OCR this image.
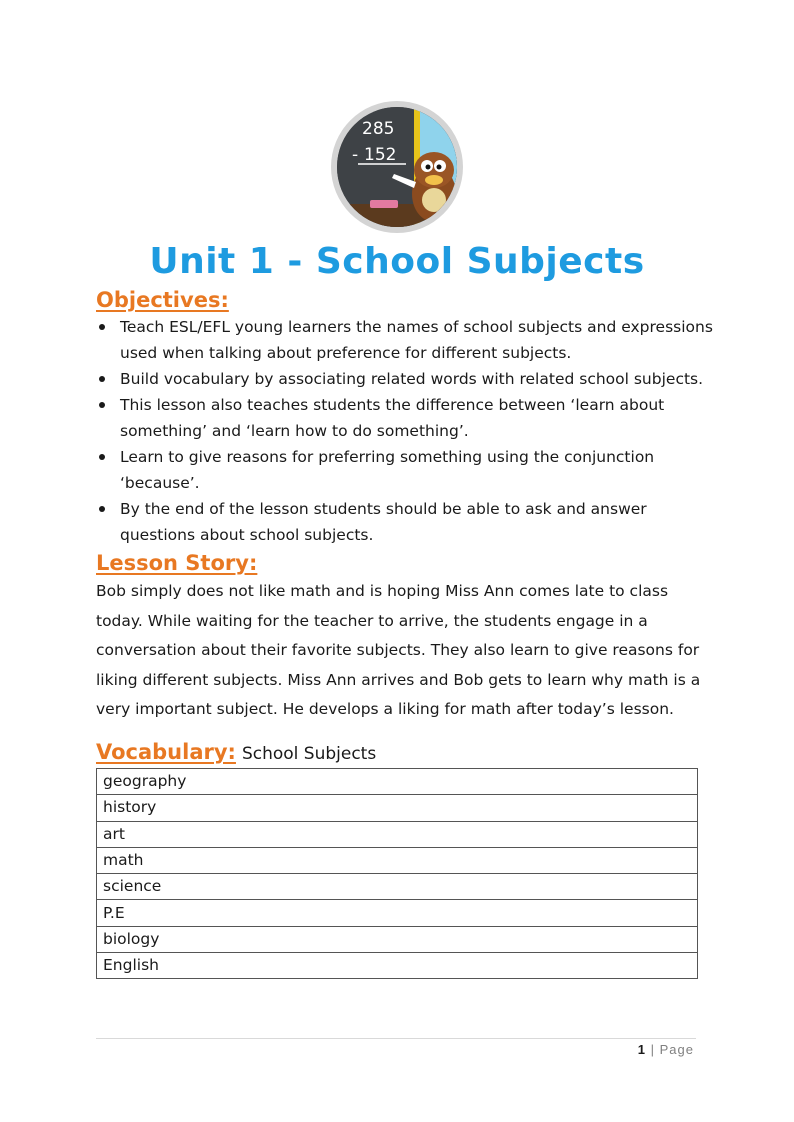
285
- 152
Unit 1 - School Subjects
Objectives:
Teach ESL/EFL young learners the names of school subjects and expressions used when talking about preference for different subjects.
Build vocabulary by associating related words with related school subjects.
This lesson also teaches students the difference between ‘learn about something’ and ‘learn how to do something’.
Learn to give reasons for preferring something using the conjunction ‘because’.
By the end of the lesson students should be able to ask and answer questions about school subjects.
Lesson Story:

Bob simply does not like math and is hoping Miss Ann comes late to class today. While waiting for the teacher to arrive, the students engage in a conversation about their favorite subjects. They also learn to give reasons for liking different subjects. Miss Ann arrives and Bob gets to learn why math is a very important subject. He develops a liking for math after today’s lesson.

Vocabulary: School Subjects
geography
history
art
math
science
P.E
biology
English
1 | Page
